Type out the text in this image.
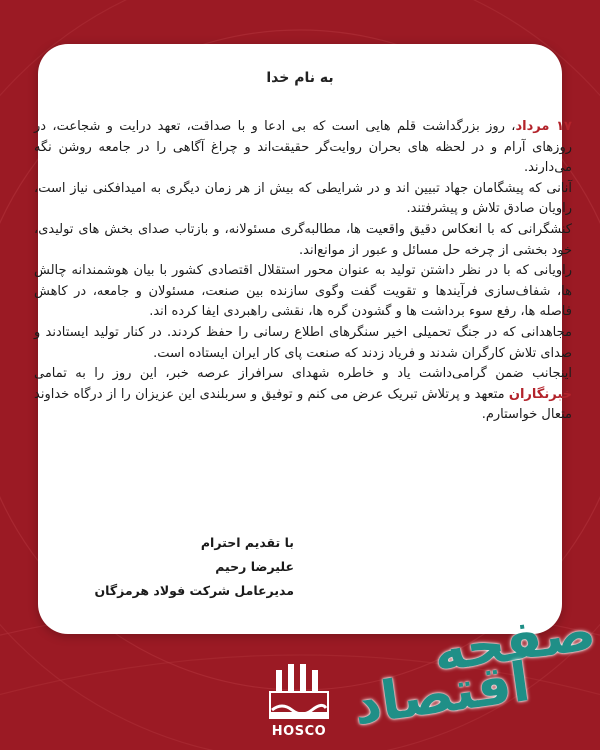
به نام خدا

۱۷ مرداد، روز بزرگداشت قلم هایی است که بی ادعا و با صداقت، تعهد درایت و شجاعت، در روزهای آرام و در لحظه های بحران روایت‌گر حقیقت‌اند و چراغ آگاهی را در جامعه روشن نگه می‌دارند.

آنانی که پیشگامان جهاد تبیین اند و در شرایطی که بیش از هر زمان دیگری به امیدافکنی نیاز است، راویان صادق تلاش و پیشرفتند.

کنشگرانی که با انعکاس دقیق واقعیت ها، مطالبه‌گری مسئولانه، و بازتاب صدای بخش های تولیدی، خود بخشی از چرخه حل مسائل و عبور از موانع‌اند.

راویانی که با در نظر داشتن تولید به عنوان محور استقلال اقتصادی کشور با بیان هوشمندانه چالش ها، شفاف‌سازی فرآیندها و تقویت گفت وگوی سازنده بین صنعت، مسئولان و جامعه، در کاهش فاصله ها، رفع سوء برداشت ها و گشودن گره ها، نقشی راهبردی ایفا کرده اند.

مجاهدانی که در جنگ تحمیلی اخیر سنگرهای اطلاع رسانی را حفظ کردند. در کنار تولید ایستادند و صدای تلاش کارگران شدند و فریاد زدند که صنعت پای کار ایران ایستاده است.

اینجانب ضمن گرامی‌داشت یاد و خاطره شهدای سرافراز عرصه خبر، این روز را به تمامی خبرنگاران متعهد و پرتلاش تبریک عرض می کنم و توفیق و سربلندی این عزیزان را از درگاه خداوند متعال خواستارم.

با تقدیم احترام
علیرضا رحیم
مدیرعامل شرکت فولاد هرمزگان
HOSCO
صفحه
اقتصاد
